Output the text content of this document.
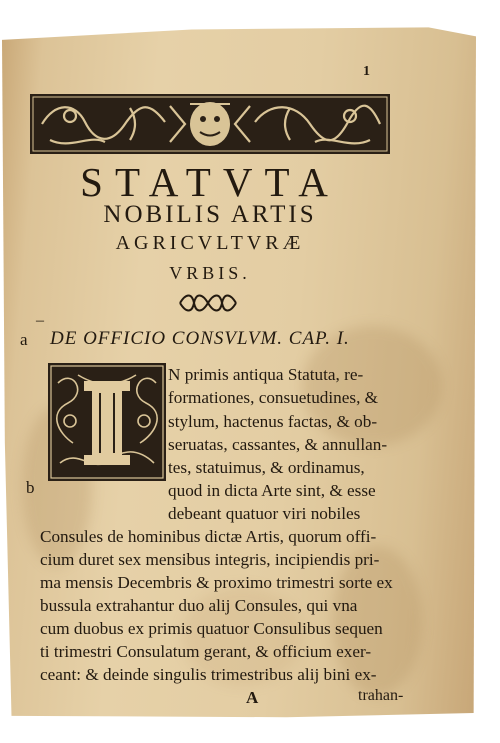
1
STATVTA
NOBILIS ARTIS
AGRICVLTVRÆ
VRBIS.
–
a DE OFFICIO CONSVLVM. CAP. I.
b
N primis antiqua Statuta, re-
formationes, consuetudines, &
stylum, hactenus factas, & ob-
seruatas, cassantes, & annullan-
tes, statuimus, & ordinamus,
quod in dicta Arte sint, & esse
debeant quatuor viri nobiles
Consules de hominibus dictæ Artis, quorum offi-
cium duret sex mensibus integris, incipiendis pri-
ma mensis Decembris & proximo trimestri sorte ex
bussula extrahantur duo alij Consules, qui vna
cum duobus ex primis quatuor Consulibus sequen
ti trimestri Consulatum gerant, & officium exer-
ceant: & deinde singulis trimestribus alij bini ex-
A	trahan-
